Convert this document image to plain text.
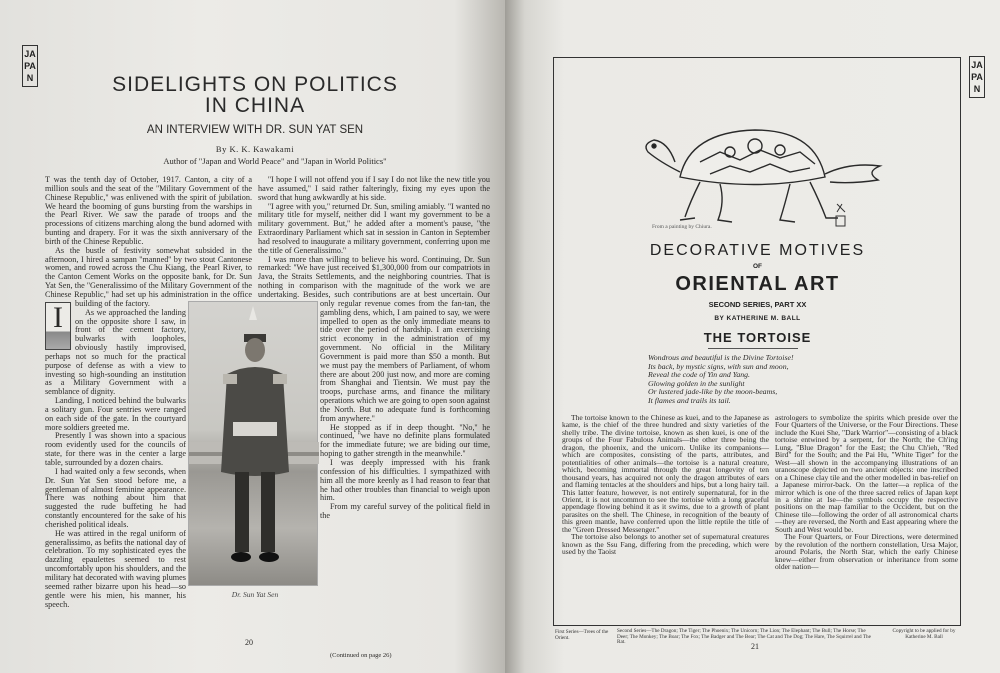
JAPAN	SIDELIGHTS ON POLITICS
IN CHINA
AN INTERVIEW WITH DR. SUN YAT SEN
By K. K. Kawakami
Author of "Japan and World Peace" and "Japan in World Politics"
I

T was the tenth day of October, 1917. Canton, a city of a million souls and the seat of the ''Military Government of the Chinese Republic,'' was enlivened with the spirit of jubilation. We heard the booming of guns bursting from the warships in the Pearl River. We saw the parade of troops and the processions of citizens marching along the bund adorned with bunting and drapery. For it was the sixth anniversary of the birth of the Chinese Republic.

As the bustle of festivity somewhat subsided in the afternoon, I hired a sampan ''manned'' by two stout Cantonese women, and rowed across the Chu Kiang, the Pearl River, to the Canton Cement Works on the opposite bank, for Dr. Sun Yat Sen, the ''Generalissimo of the Military Government of the Chinese Republic,'' had set up his administration in the office building of the factory.

As we approached the landing on the opposite shore I saw, in front of the cement factory, bulwarks with loopholes, obviously hastily improvised, perhaps not so much for the practical purpose of defense as with a view to investing so high-sounding an institution as a Military Government with a semblance of dignity.

Landing, I noticed behind the bulwarks a solitary gun. Four sentries were ranged on each side of the gate. In the courtyard more soldiers greeted me.

Presently I was shown into a spacious room evidently used for the councils of state, for there was in the center a large table, surrounded by a dozen chairs.

I had waited only a few seconds, when Dr. Sun Yat Sen stood before me, a gentleman of almost feminine appearance. There was nothing about him that suggested the rude buffeting he had constantly encountered for the sake of his cherished political ideals.

He was attired in the regal uniform of generalissimo, as befits the national day of celebration. To my sophisticated eyes the dazzling epaulettes seemed to rest uncomfortably upon his shoulders, and the military hat decorated with waving plumes seemed rather bizarre upon his head—so gentle were his mien, his manner, his speech.

''I hope I will not offend you if I say I do not like the new title you have assumed,'' I said rather falteringly, fixing my eyes upon the sword that hung awkwardly at his side.

''I agree with you,'' returned Dr. Sun, smiling amiably. ''I wanted no military title for myself, neither did I want my government to be a military government. But,'' he added after a moment's pause, ''the Extraordinary Parliament which sat in session in Canton in September had resolved to inaugurate a military government, conferring upon me the title of Generalissimo.''

I was more than willing to believe his word. Continuing, Dr. Sun remarked: ''We have just received $1,300,000 from our compatriots in Java, the Straits Settlements, and the neighboring countries. That is nothing in comparison with the magnitude of the work we are undertaking. Besides, such contributions are at best uncertain. Our only regular revenue comes from the fan-tan, the gambling dens, which, I am pained to say, we were impelled to open as the only immediate means to tide over the period of hardship. I am exercising strict economy in the administration of my government. No official in the Military Government is paid more than $50 a month. But we must pay the members of Parliament, of whom there are about 200 just now, and more are coming from Shanghai and Tientsin. We must pay the troops, purchase arms, and finance the military operations which we are going to open soon against the North. But no adequate fund is forthcoming from anywhere.''

He stopped as if in deep thought. ''No,'' he continued, ''we have no definite plans formulated for the immediate future; we are biding our time, hoping to gather strength in the meanwhile.''

I was deeply impressed with his frank confession of his difficulties. I sympathized with him all the more keenly as I had reason to fear that he had other troubles than financial to weigh upon him.

From my careful survey of the political field in the

Dr. Sun Yat Sen
20
(Continued on page 26)
JAPAN
From a painting by Chiura.
DECORATIVE MOTIVES
OF
ORIENTAL ART
SECOND SERIES, PART XX
BY KATHERINE M. BALL
THE TORTOISE
Wondrous and beautiful is the Divine Tortoise!
Its back, by mystic signs, with sun and moon,
Reveal the code of Yin and Yang.
Glowing golden in the sunlight
Or lustered jade-like by the moon-beams,
It flames and trails its tail.

The tortoise known to the Chinese as kuei, and to the Japanese as kame, is the chief of the three hundred and sixty varieties of the shelly tribe. The divine tortoise, known as shen kuei, is one of the groups of the Four Fabulous Animals—the other three being the dragon, the phoenix, and the unicorn. Unlike its companions—which are composites, consisting of the parts, attributes, and potentialities of other animals—the tortoise is a natural creature, which, becoming immortal through the great longevity of ten thousand years, has acquired not only the dragon attributes of ears and flaming tentacles at the shoulders and hips, but a long hairy tail. This latter feature, however, is not entirely supernatural, for in the Orient, it is not uncommon to see the tortoise with a long graceful appendage flowing behind it as it swims, due to a growth of plant parasites on the shell. The Chinese, in recognition of the beauty of this green mantle, have conferred upon the little reptile the title of the "Green Dressed Messenger."

The tortoise also belongs to another set of supernatural creatures known as the Ssu Fang, differing from the preceding, which were used by the Taoist

astrologers to symbolize the spirits which preside over the Four Quarters of the Universe, or the Four Directions. These include the Kuei She, "Dark Warrior"—consisting of a black tortoise entwined by a serpent, for the North; the Ch'ing Lung, "Blue Dragon" for the East; the Chu Ch'ieh, "Red Bird" for the South; and the Pai Hu, "White Tiger" for the West—all shown in the accompanying illustrations of an uranoscope depicted on two ancient objects: one inscribed on a Chinese clay tile and the other modelled in bas-relief on a Japanese mirror-back. On the latter—a replica of the mirror which is one of the three sacred relics of Japan kept in a shrine at Ise—the symbols occupy the respective positions on the map familiar to the Occident, but on the Chinese tile—following the order of all astronomical charts—they are reversed, the North and East appearing where the South and West would be.

The Four Quarters, or Four Directions, were determined by the revolution of the northern constellation, Ursa Major, around Polaris, the North Star, which the early Chinese knew—either from observation or inheritance from some older nation—

First Series—Trees of the Orient.
Second Series—The Dragon; The Tiger; The Phoenix; The Unicorn; The Lion; The Elephant; The Bull; The Horse; The Deer; The Monkey; The Boar; The Fox; The Badger and The Bear; The Cat and The Dog; The Hare, The Squirrel and The Rat.
Copyright to be applied for by Katherine M. Ball
21
